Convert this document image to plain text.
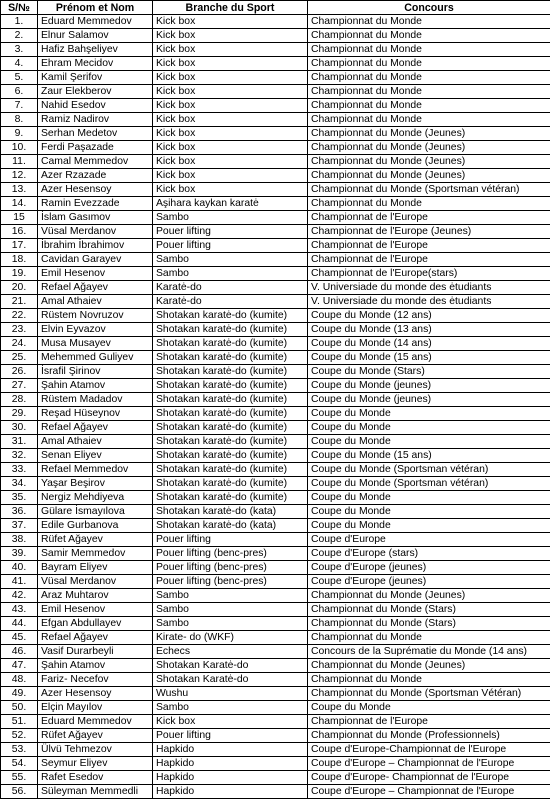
S/№	Prénom et Nom	Branche du Sport	Concours
1.	Eduard Memmedov	Kick box	Championnat du Monde
2.	Elnur Salamov	Kick box	Championnat du Monde
3.	Hafiz Bahşeliyev	Kick box	Championnat du Monde
4.	Ehram Mecidov	Kick box	Championnat du Monde
5.	Kamil Şerifov	Kick box	Championnat du Monde
6.	Zaur Elekberov	Kick box	Championnat du Monde
7.	Nahid Esedov	Kick box	Championnat du Monde
8.	Ramiz Nadirov	Kick box	Championnat du Monde
9.	Serhan Medetov	Kick box	Championnat du Monde (Jeunes)
10.	Ferdi Paşazade	Kick box	Championnat du Monde (Jeunes)
11.	Camal Memmedov	Kick box	Championnat du Monde (Jeunes)
12.	Azer Rzazade	Kick box	Championnat du Monde (Jeunes)
13.	Azer Hesensoy	Kick box	Championnat du Monde (Sportsman vétéran)
14.	Ramin Evezzade	Aşihara kaykan karatė	Championnat du Monde
15	İslam Gasımov	Sambo	Championnat de l'Europe
16.	Vüsal Merdanov	Pouer lifting	Championnat de l'Europe (Jeunes)
17.	İbrahim İbrahimov	Pouer lifting	Championnat de l'Europe
18.	Cavidan Garayev	Sambo	Championnat de l'Europe
19.	Emil Hesenov	Sambo	Championnat de l'Europe(stars)
20.	Refael Ağayev	Karatė-do	V. Universiade du monde des ėtudiants
21.	Amal Athaiev	Karatė-do	V. Universiade du monde des ėtudiants
22.	Rüstem Novruzov	Shotakan karatė-do (kumite)	Coupe du Monde (12 ans)
23.	Elvin Eyvazov	Shotakan karatė-do (kumite)	Coupe du Monde (13 ans)
24.	Musa Musayev	Shotakan karatė-do (kumite)	Coupe du Monde (14 ans)
25.	Mehemmed Guliyev	Shotakan karatė-do (kumite)	Coupe du Monde (15 ans)
26.	İsrafil Şirinov	Shotakan karatė-do (kumite)	Coupe du Monde (Stars)
27.	Şahin Atamov	Shotakan karatė-do (kumite)	Coupe du Monde (jeunes)
28.	Rüstem Madadov	Shotakan karatė-do (kumite)	Coupe du Monde (jeunes)
29.	Reşad Hüseynov	Shotakan karatė-do (kumite)	Coupe du Monde
30.	Refael Ağayev	Shotakan karatė-do (kumite)	Coupe du Monde
31.	Amal Athaiev	Shotakan karatė-do (kumite)	Coupe du Monde
32.	Senan Eliyev	Shotakan karatė-do (kumite)	Coupe du Monde (15 ans)
33.	Refael Memmedov	Shotakan karatė-do (kumite)	Coupe du Monde (Sportsman vétéran)
34.	Yaşar Beşirov	Shotakan karatė-do (kumite)	Coupe du Monde (Sportsman vétéran)
35.	Nergiz Mehdiyeva	Shotakan karatė-do (kumite)	Coupe du Monde
36.	Gülare İsmayılova	Shotakan karatė-do (kata)	Coupe du Monde
37.	Edile Gurbanova	Shotakan karatė-do (kata)	Coupe du Monde
38.	Rüfet Ağayev	Pouer lifting	Coupe d'Europe
39.	Samir Memmedov	Pouer lifting (benc-pres)	Coupe d'Europe (stars)
40.	Bayram Eliyev	Pouer lifting (benc-pres)	Coupe d'Europe (jeunes)
41.	Vüsal Merdanov	Pouer lifting (benc-pres)	Coupe d'Europe (jeunes)
42.	Araz Muhtarov	Sambo	Championnat du Monde (Jeunes)
43.	Emil Hesenov	Sambo	Championnat du Monde (Stars)
44.	Efgan Abdullayev	Sambo	Championnat du Monde (Stars)
45.	Refael Ağayev	Kirate- do (WKF)	Championnat du Monde
46.	Vasif Durarbeyli	Echecs	Concours de la Suprématie du Monde (14 ans)
47.	Şahin Atamov	Shotakan Karatė-do	Championnat du Monde (Jeunes)
48.	Fariz- Necefov	Shotakan Karatė-do	Championnat du Monde
49.	Azer Hesensoy	Wushu	Championnat du Monde (Sportsman Vétéran)
50.	Elçin Mayılov	Sambo	Coupe du Monde
51.	Eduard Memmedov	Kick box	Championnat de l'Europe
52.	Rüfet Ağayev	Pouer lifting	Championnat du Monde (Professionnels)
53.	Ülvü Tehmezov	Hapkido	Coupe d'Europe-Championnat de l'Europe
54.	Seymur Eliyev	Hapkido	Coupe d'Europe – Championnat de l'Europe
55.	Rafet Esedov	Hapkido	Coupe d'Europe- Championnat de l'Europe
56.	Süleyman Memmedli	Hapkido	Coupe d'Europe – Championnat de l'Europe
